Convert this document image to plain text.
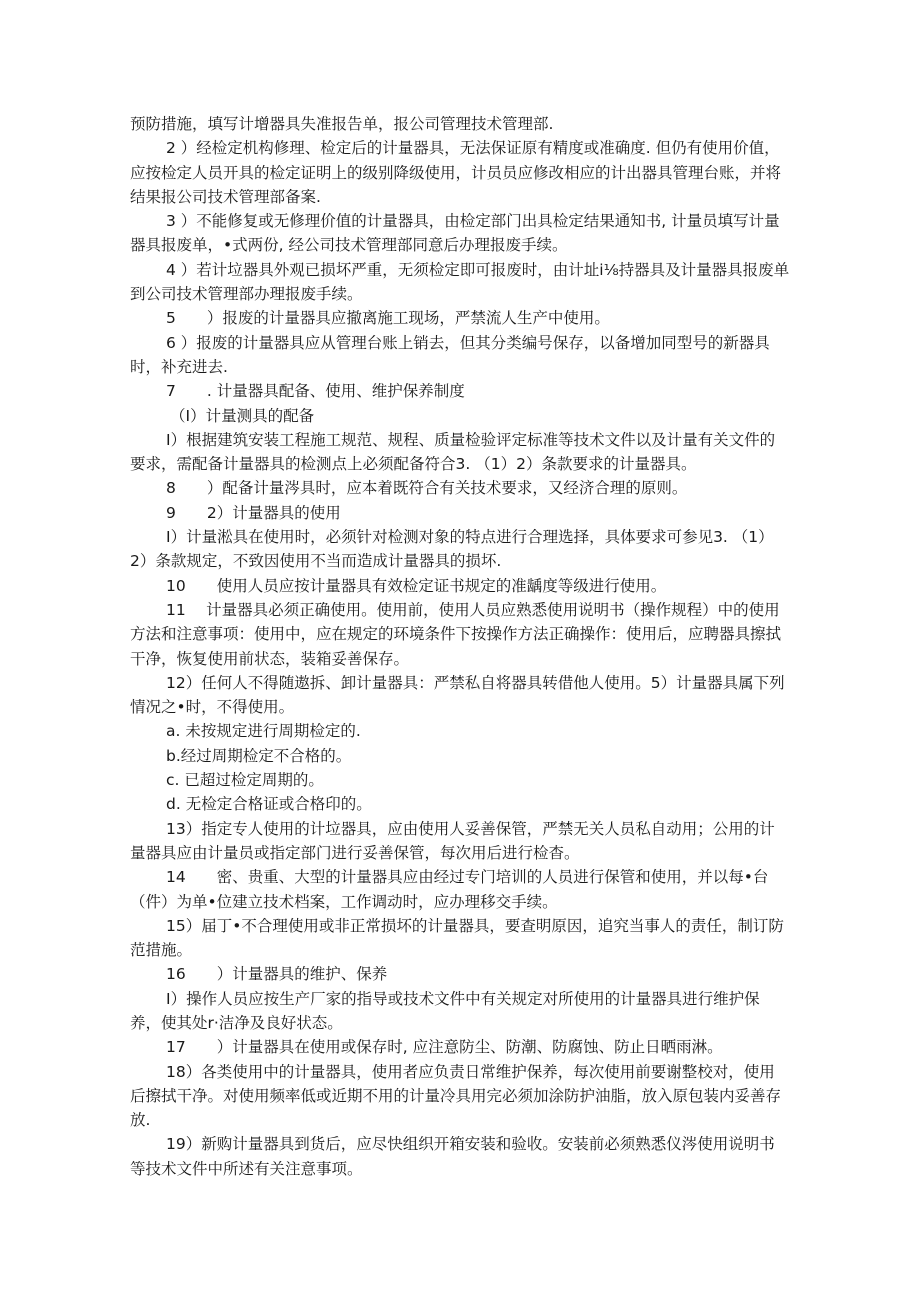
预防措施，填写计增器具失准报告单，报公司管理技术管理部.

2 ）经检定机构修理、检定后的计量器具，无法保证原有精度或准确度. 但仍有使用价值，应按检定人员开具的检定证明上的级别降级使用，计员员应修改相应的计出器具管理台账，并将结果报公司技术管理部备案.

3 ）不能修复或无修理价值的计量器具，由检定部门出具检定结果通知书, 计量员填写计量器具报废单，•式两份, 经公司技术管理部同意后办理报废手续。

4 ）若计垃器具外观已损坏严重，无须检定即可报废时，由计址i⅛持器具及计量器具报废单到公司技术管理部办理报废手续。

5　　）报废的计量器具应撤离施工现场，严禁流人生产中使用。

6 ）报废的计量器具应从管理台账上销去，但其分类编号保存，以备增加同型号的新器具时，补充进去.

7　　. 计量器具配备、使用、维护保养制度

（I）计量测具的配备

I）根据建筑安装工程施工规范、规程、质量检验评定标准等技术文件以及计量有关文件的要求，需配备计量器具的检测点上必须配备符合3. （1）2）条款要求的计量器具。

8　　）配备计量涔具时，应本着既符合有关技术要求，又经济合理的原则。

9　　2）计量器具的使用

I）计量淞具在使用时，必须针对检测对象的特点进行合理选择，具体要求可参见3. （1）2）条款规定，不致因使用不当而造成计量器具的损坏.

10　　使用人员应按计量器具有效检定证书规定的准龋度等级进行使用。

11　 计量器具必须正确使用。使用前，使用人员应熟悉使用说明书（操作规程）中的使用方法和注意事项：使用中，应在规定的环境条件下按操作方法正确操作：使用后，应聘器具擦拭干净，恢复使用前状态，装箱妥善保存。

12）任何人不得随遨拆、卸计量器具：严禁私自将器具转借他人使用。5）计量器具属下列情况之•时，不得使用。

a. 未按规定进行周期检定的.

b.经过周期检定不合格的。

c. 已超过检定周期的。

d. 无检定合格证或合格印的。

13）指定专人使用的计垃器具，应由使用人妥善保管，严禁无关人员私自动用；公用的计量器具应由计量员或指定部门进行妥善保管，每次用后进行检杳。

14　　密、贵重、大型的计量器具应由经过专门培训的人员进行保管和使用，并以每•台（件）为单•位建立技术档案，工作调动时，应办理移交手续。

15）届丁•不合理使用或非正常损坏的计量器具，要查明原因，追究当事人的责任，制订防范措施。

16　　）计量器具的维护、保养

I）操作人员应按生产厂家的指导或技术文件中有关规定对所使用的计量器具进行维护保养，使其处r·洁净及良好状态。

17　　）计量器具在使用或保存时, 应注意防尘、防潮、防腐蚀、防止日晒雨淋。

18）各类使用中的计量器具，使用者应负责日常维护保养，每次使用前要谢整校对，使用后擦拭干净。对使用频率低或近期不用的计量冷具用完必须加涂防护油脂，放入原包装内妥善存放.

19）新购计量器具到货后，应尽快组织开箱安装和验收。安装前必须熟悉仪涔使用说明书等技术文件中所述有关注意事项。
